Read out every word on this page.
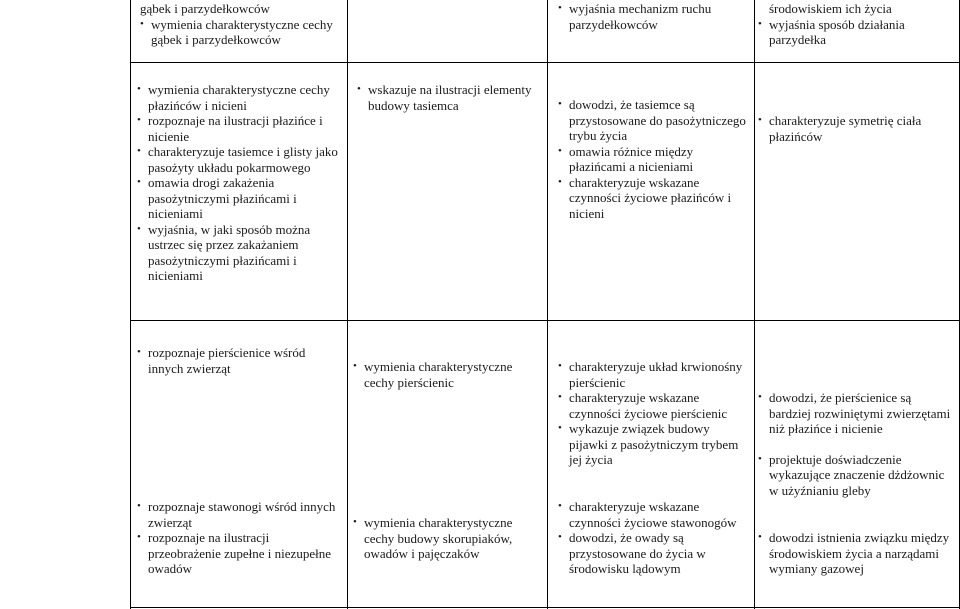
gąbek i parzydełkowców
• wymienia charakterystyczne cechy gąbek i parzydełkowców
• wyjaśnia mechanizm ruchu parzydełkowców
środowiskiem ich życia
• wyjaśnia sposób działania parzydełka
• wymienia charakterystyczne cechy płazińców i nicieni
• rozpoznaje na ilustracji płazińce i nicienie
• charakteryzuje tasiemce i glisty jako pasożyty układu pokarmowego
• omawia drogi zakażenia pasożytniczymi płazińcami i nicieniami
• wyjaśnia, w jaki sposób można ustrzec się przez zakażaniem pasożytniczymi płazińcami i nicieniami
• wskazuje na ilustracji elementy budowy tasiemca	• dowodzi, że tasiemce są przystosowane do pasożytniczego trybu życia
• omawia różnice między płazińcami a nicieniami
• charakteryzuje wskazane czynności życiowe płazińców i nicieni
• charakteryzuje symetrię ciała płazińców
• rozpoznaje pierścienice wśród innych zwierząt	• wymienia charakterystyczne cechy pierścienic
• charakteryzuje układ krwionośny pierścienic
• charakteryzuje wskazane czynności życiowe pierścienic
• wykazuje związek budowy pijawki z pasożytniczym trybem jej życia
• dowodzi, że pierścienice są bardziej rozwiniętymi zwierzętami niż płazińce i nicienie
• projektuje doświadczenie wykazujące znaczenie dżdżownic w użyźnianiu gleby
• rozpoznaje stawonogi wśród innych zwierząt
• rozpoznaje na ilustracji przeobrażenie zupełne i niezupełne owadów
• wymienia charakterystyczne cechy budowy skorupiaków, owadów i pajęczaków
• charakteryzuje wskazane czynności życiowe stawonogów
• dowodzi, że owady są przystosowane do życia w środowisku lądowym
• dowodzi istnienia związku między środowiskiem życia a narządami wymiany gazowej
